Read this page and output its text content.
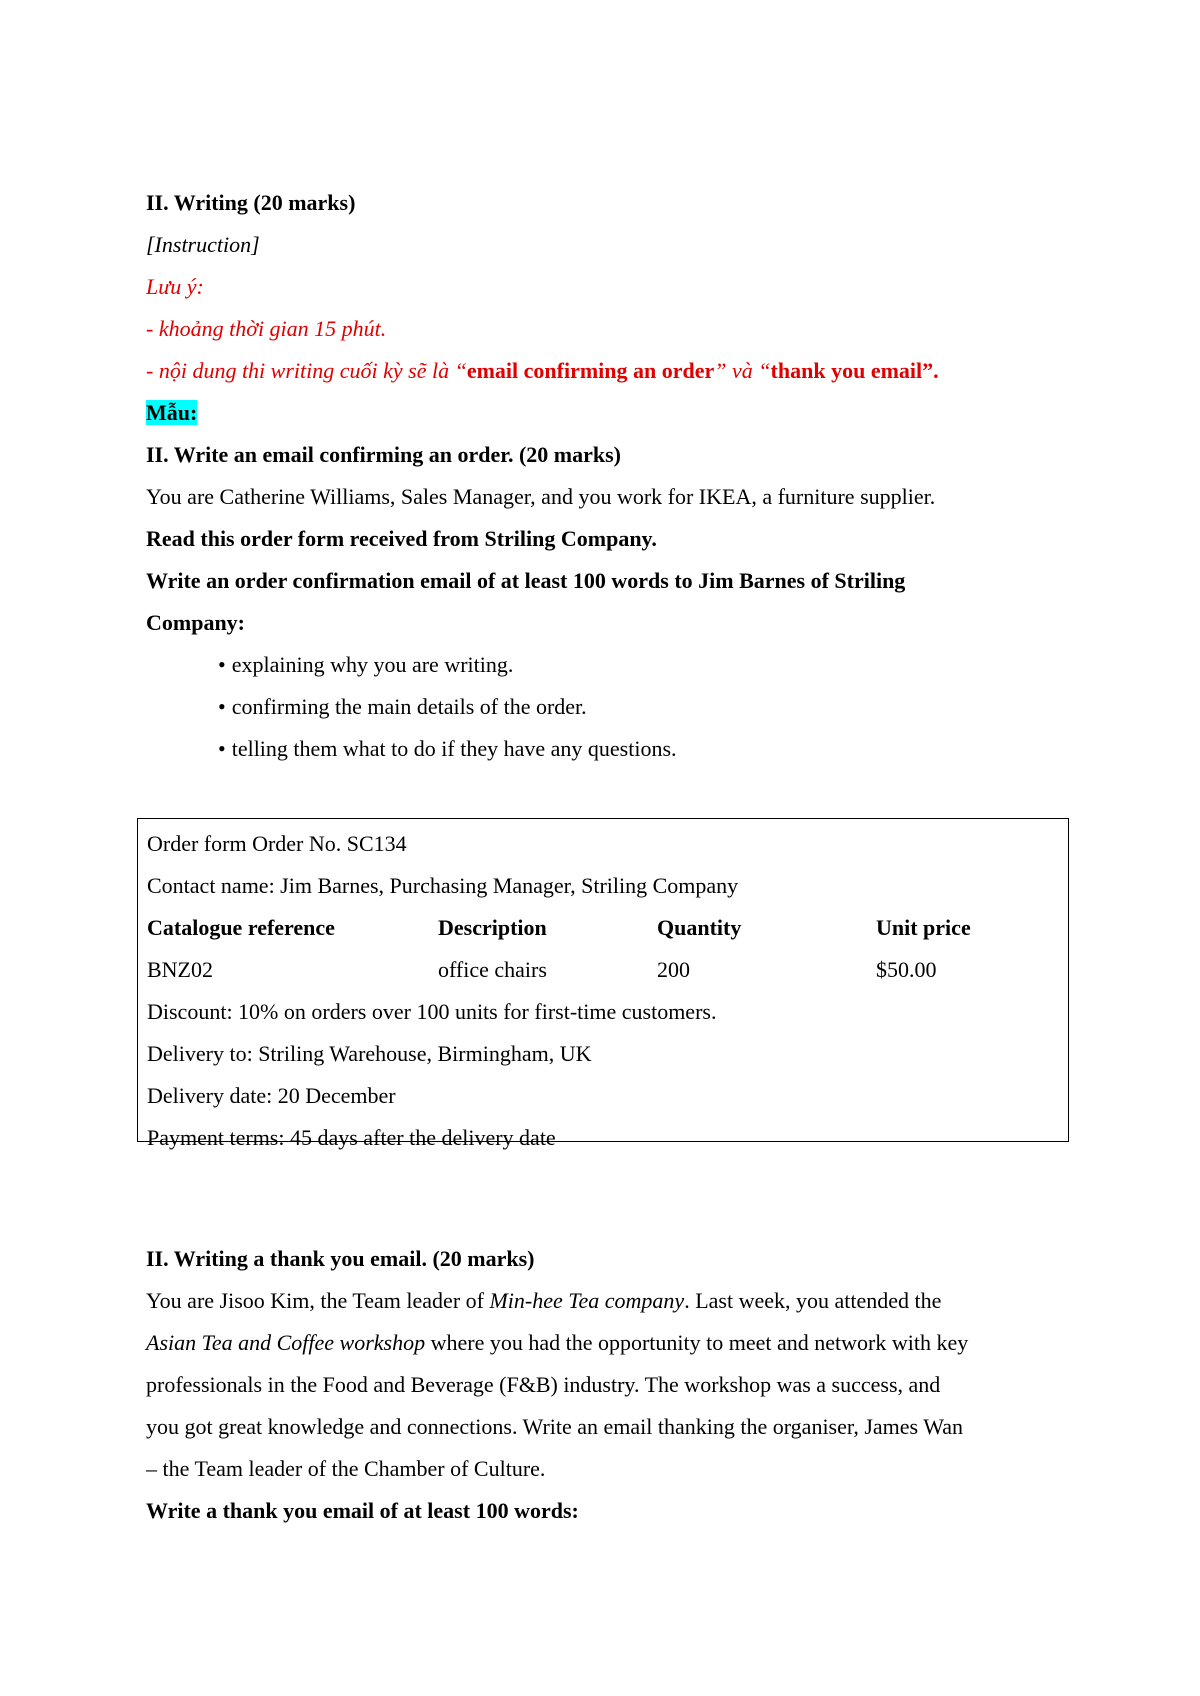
II. Writing (20 marks)
[Instruction]
Lưu ý:
- khoảng thời gian 15 phút.
- nội dung thi writing cuối kỳ sẽ là “email confirming an order” và “thank you email”.
Mẫu:
II. Write an email confirming an order. (20 marks)
You are Catherine Williams, Sales Manager, and you work for IKEA, a furniture supplier.
Read this order form received from Striling Company.
Write an order confirmation email of at least 100 words to Jim Barnes of Striling
Company:
• explaining why you are writing.
• confirming the main details of the order.
• telling them what to do if they have any questions.
Order form Order No. SC134
Contact name: Jim Barnes, Purchasing Manager, Striling Company
Catalogue reference	Description	Quantity	Unit price
BNZ02	office chairs	200	$50.00
Discount: 10% on orders over 100 units for first-time customers.
Delivery to: Striling Warehouse, Birmingham, UK
Delivery date: 20 December
Payment terms: 45 days after the delivery date
II. Writing a thank you email. (20 marks)
You are Jisoo Kim, the Team leader of Min-hee Tea company. Last week, you attended the
Asian Tea and Coffee workshop where you had the opportunity to meet and network with key
professionals in the Food and Beverage (F&B) industry. The workshop was a success, and
you got great knowledge and connections. Write an email thanking the organiser, James Wan
– the Team leader of the Chamber of Culture.
Write a thank you email of at least 100 words:
